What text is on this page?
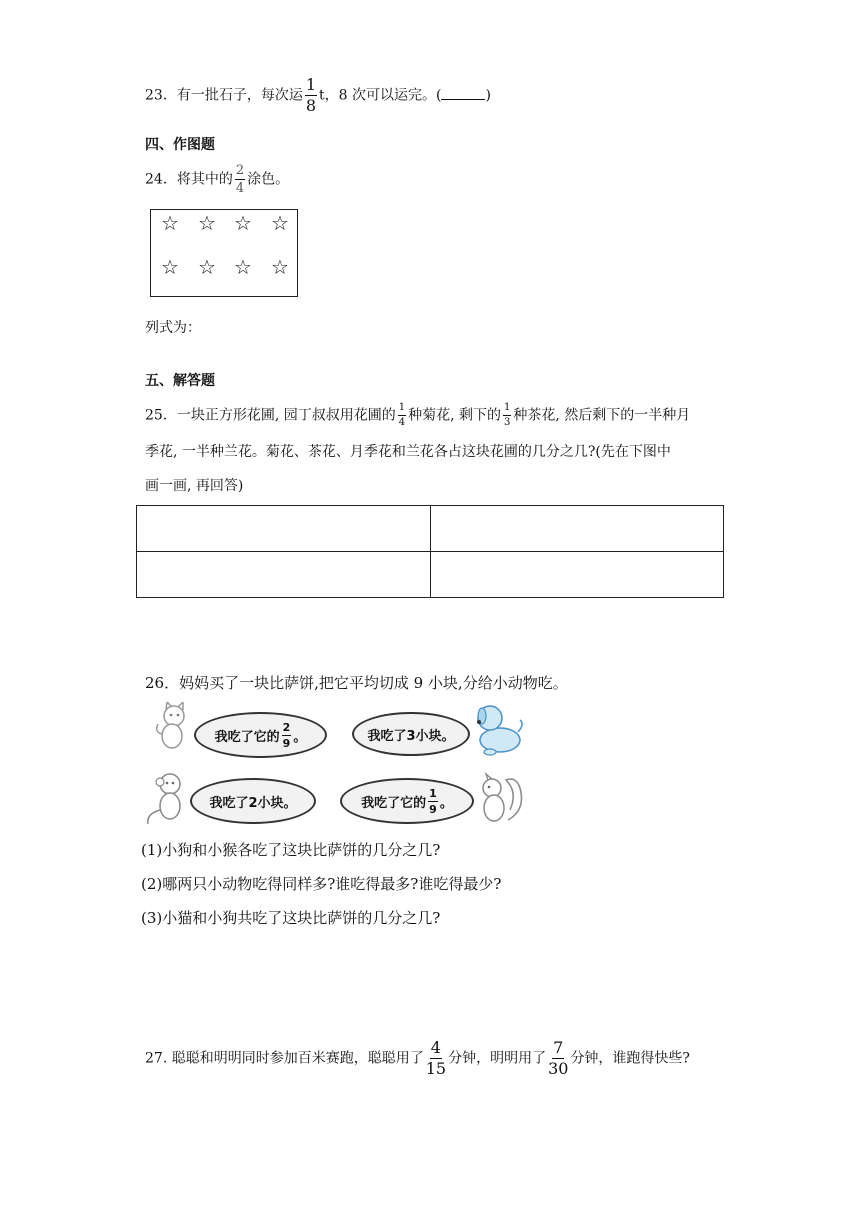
23．有一批石子，每次运 $\frac{1}{8}$ t，8 次可以运完。(	)
四、作图题
24．将其中的 $\frac{2}{4}$ 涂色。
☆ ☆ ☆ ☆
☆ ☆ ☆ ☆
列式为：
五、解答题
25．一块正方形花圃, 园丁叔叔用花圃的 $\frac{1}{4}$ 种菊花, 剩下的 $\frac{1}{3}$ 种茶花, 然后剩下的一半种月
季花, 一半种兰花。菊花、茶花、月季花和兰花各占这块花圃的几分之几?(先在下图中
画一画, 再回答)

26．妈妈买了一块比萨饼,把它平均切成 9 小块,分给小动物吃。
我吃了它的 $\frac{2}{9}$ 。	我吃了3小块。
我吃了2小块。	我吃了它的 $\frac{1}{9}$ 。
(1)小狗和小猴各吃了这块比萨饼的几分之几?
(2)哪两只小动物吃得同样多?谁吃得最多?谁吃得最少?
(3)小猫和小狗共吃了这块比萨饼的几分之几?
27. 聪聪和明明同时参加百米赛跑，聪聪用了 $\frac{4}{15}$ 分钟，明明用了 $\frac{7}{30}$ 分钟，谁跑得快些?
